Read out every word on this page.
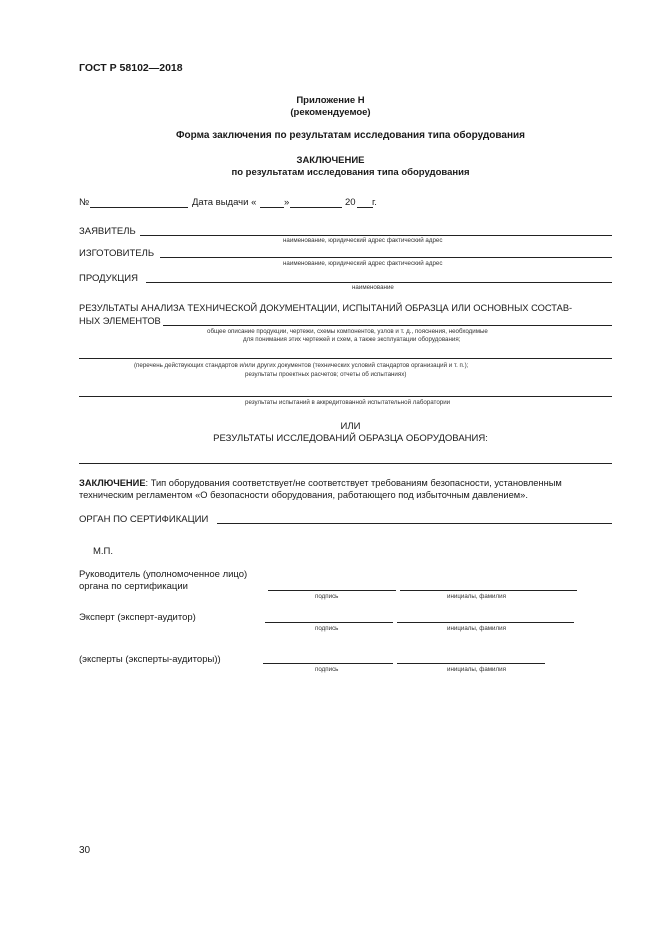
ГОСТ Р 58102—2018
Приложение Н
(рекомендуемое)
Форма заключения по результатам исследования типа оборудования
ЗАКЛЮЧЕНИЕ
по результатам исследования типа оборудования
№	Дата выдачи «	»	20 г.
ЗАЯВИТЕЛЬ
наименование, юридический адрес фактический адрес
ИЗГОТОВИТЕЛЬ
наименование, юридический адрес фактический адрес
ПРОДУКЦИЯ
наименование
РЕЗУЛЬТАТЫ АНАЛИЗА ТЕХНИЧЕСКОЙ ДОКУМЕНТАЦИИ, ИСПЫТАНИЙ ОБРАЗЦА ИЛИ ОСНОВНЫХ СОСТАВ-
НЫХ ЭЛЕМЕНТОВ
общее описание продукции, чертежи, схемы компонентов, узлов и т. д., пояснения, необходимые
для понимания этих чертежей и схем, а также эксплуатации оборудования;
(перечень действующих стандартов и/или других документов (технических условий стандартов организаций и т. п.);
результаты проектных расчетов; отчеты об испытаниях)
результаты испытаний в аккредитованной испытательной лаборатории
ИЛИ
РЕЗУЛЬТАТЫ ИССЛЕДОВАНИЙ ОБРАЗЦА ОБОРУДОВАНИЯ:
ЗАКЛЮЧЕНИЕ: Тип оборудования соответствует/не соответствует требованиям безопасности, установленным
техническим регламентом «О безопасности оборудования, работающего под избыточным давлением».
ОРГАН ПО СЕРТИФИКАЦИИ
М.П.
Руководитель (уполномоченное лицо)
органа по сертификации
подпись	инициалы, фамилия
Эксперт (эксперт-аудитор)
подпись	инициалы, фамилия
(эксперты (эксперты-аудиторы))
подпись	инициалы, фамилия
30
